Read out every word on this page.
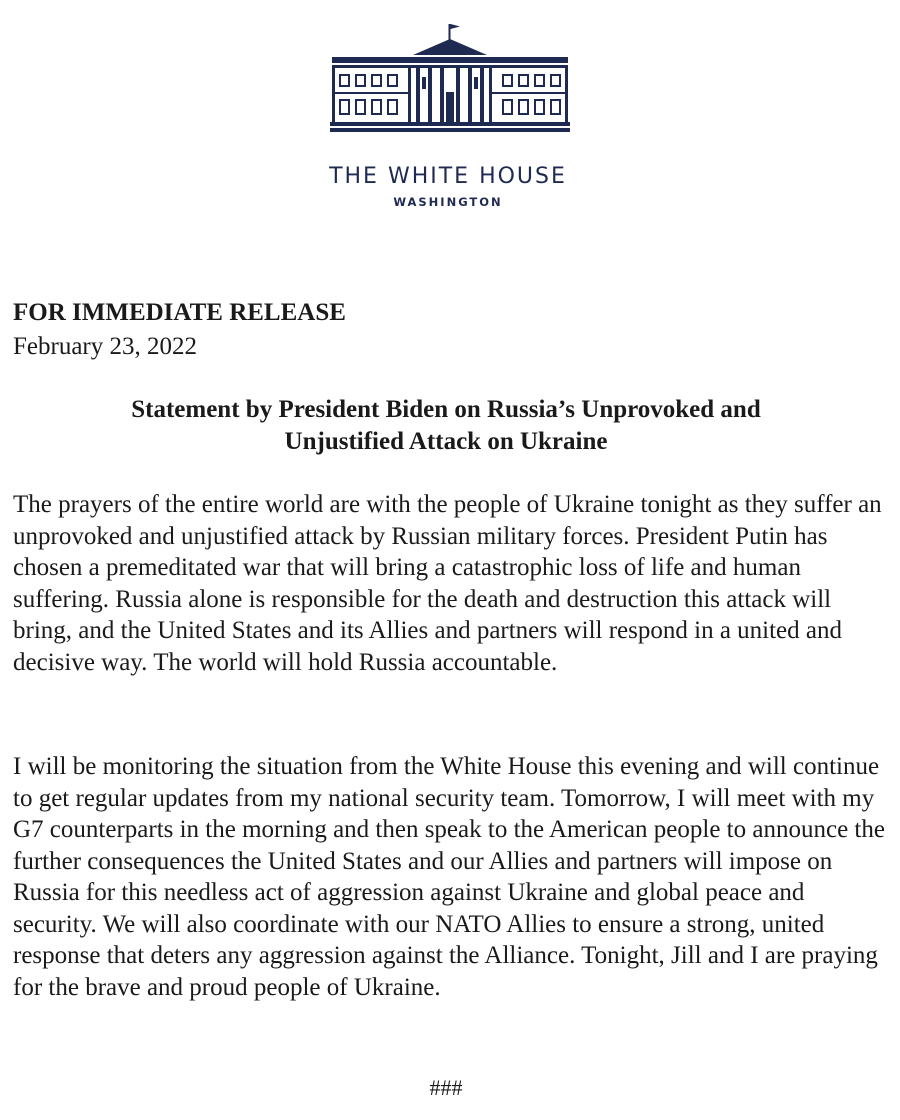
THE WHITE HOUSE
WASHINGTON
FOR IMMEDIATE RELEASE
February 23, 2022
Statement by President Biden on Russia’s Unprovoked and
Unjustified Attack on Ukraine

The prayers of the entire world are with the people of Ukraine tonight as they suffer an unprovoked and unjustified attack by Russian military forces. President Putin has chosen a premeditated war that will bring a catastrophic loss of life and human suffering. Russia alone is responsible for the death and destruction this attack will bring, and the United States and its Allies and partners will respond in a united and decisive way. The world will hold Russia accountable.

I will be monitoring the situation from the White House this evening and will continue to get regular updates from my national security team. Tomorrow, I will meet with my G7 counterparts in the morning and then speak to the American people to announce the further consequences the United States and our Allies and partners will impose on Russia for this needless act of aggression against Ukraine and global peace and security. We will also coordinate with our NATO Allies to ensure a strong, united response that deters any aggression against the Alliance. Tonight, Jill and I are praying for the brave and proud people of Ukraine.

###
